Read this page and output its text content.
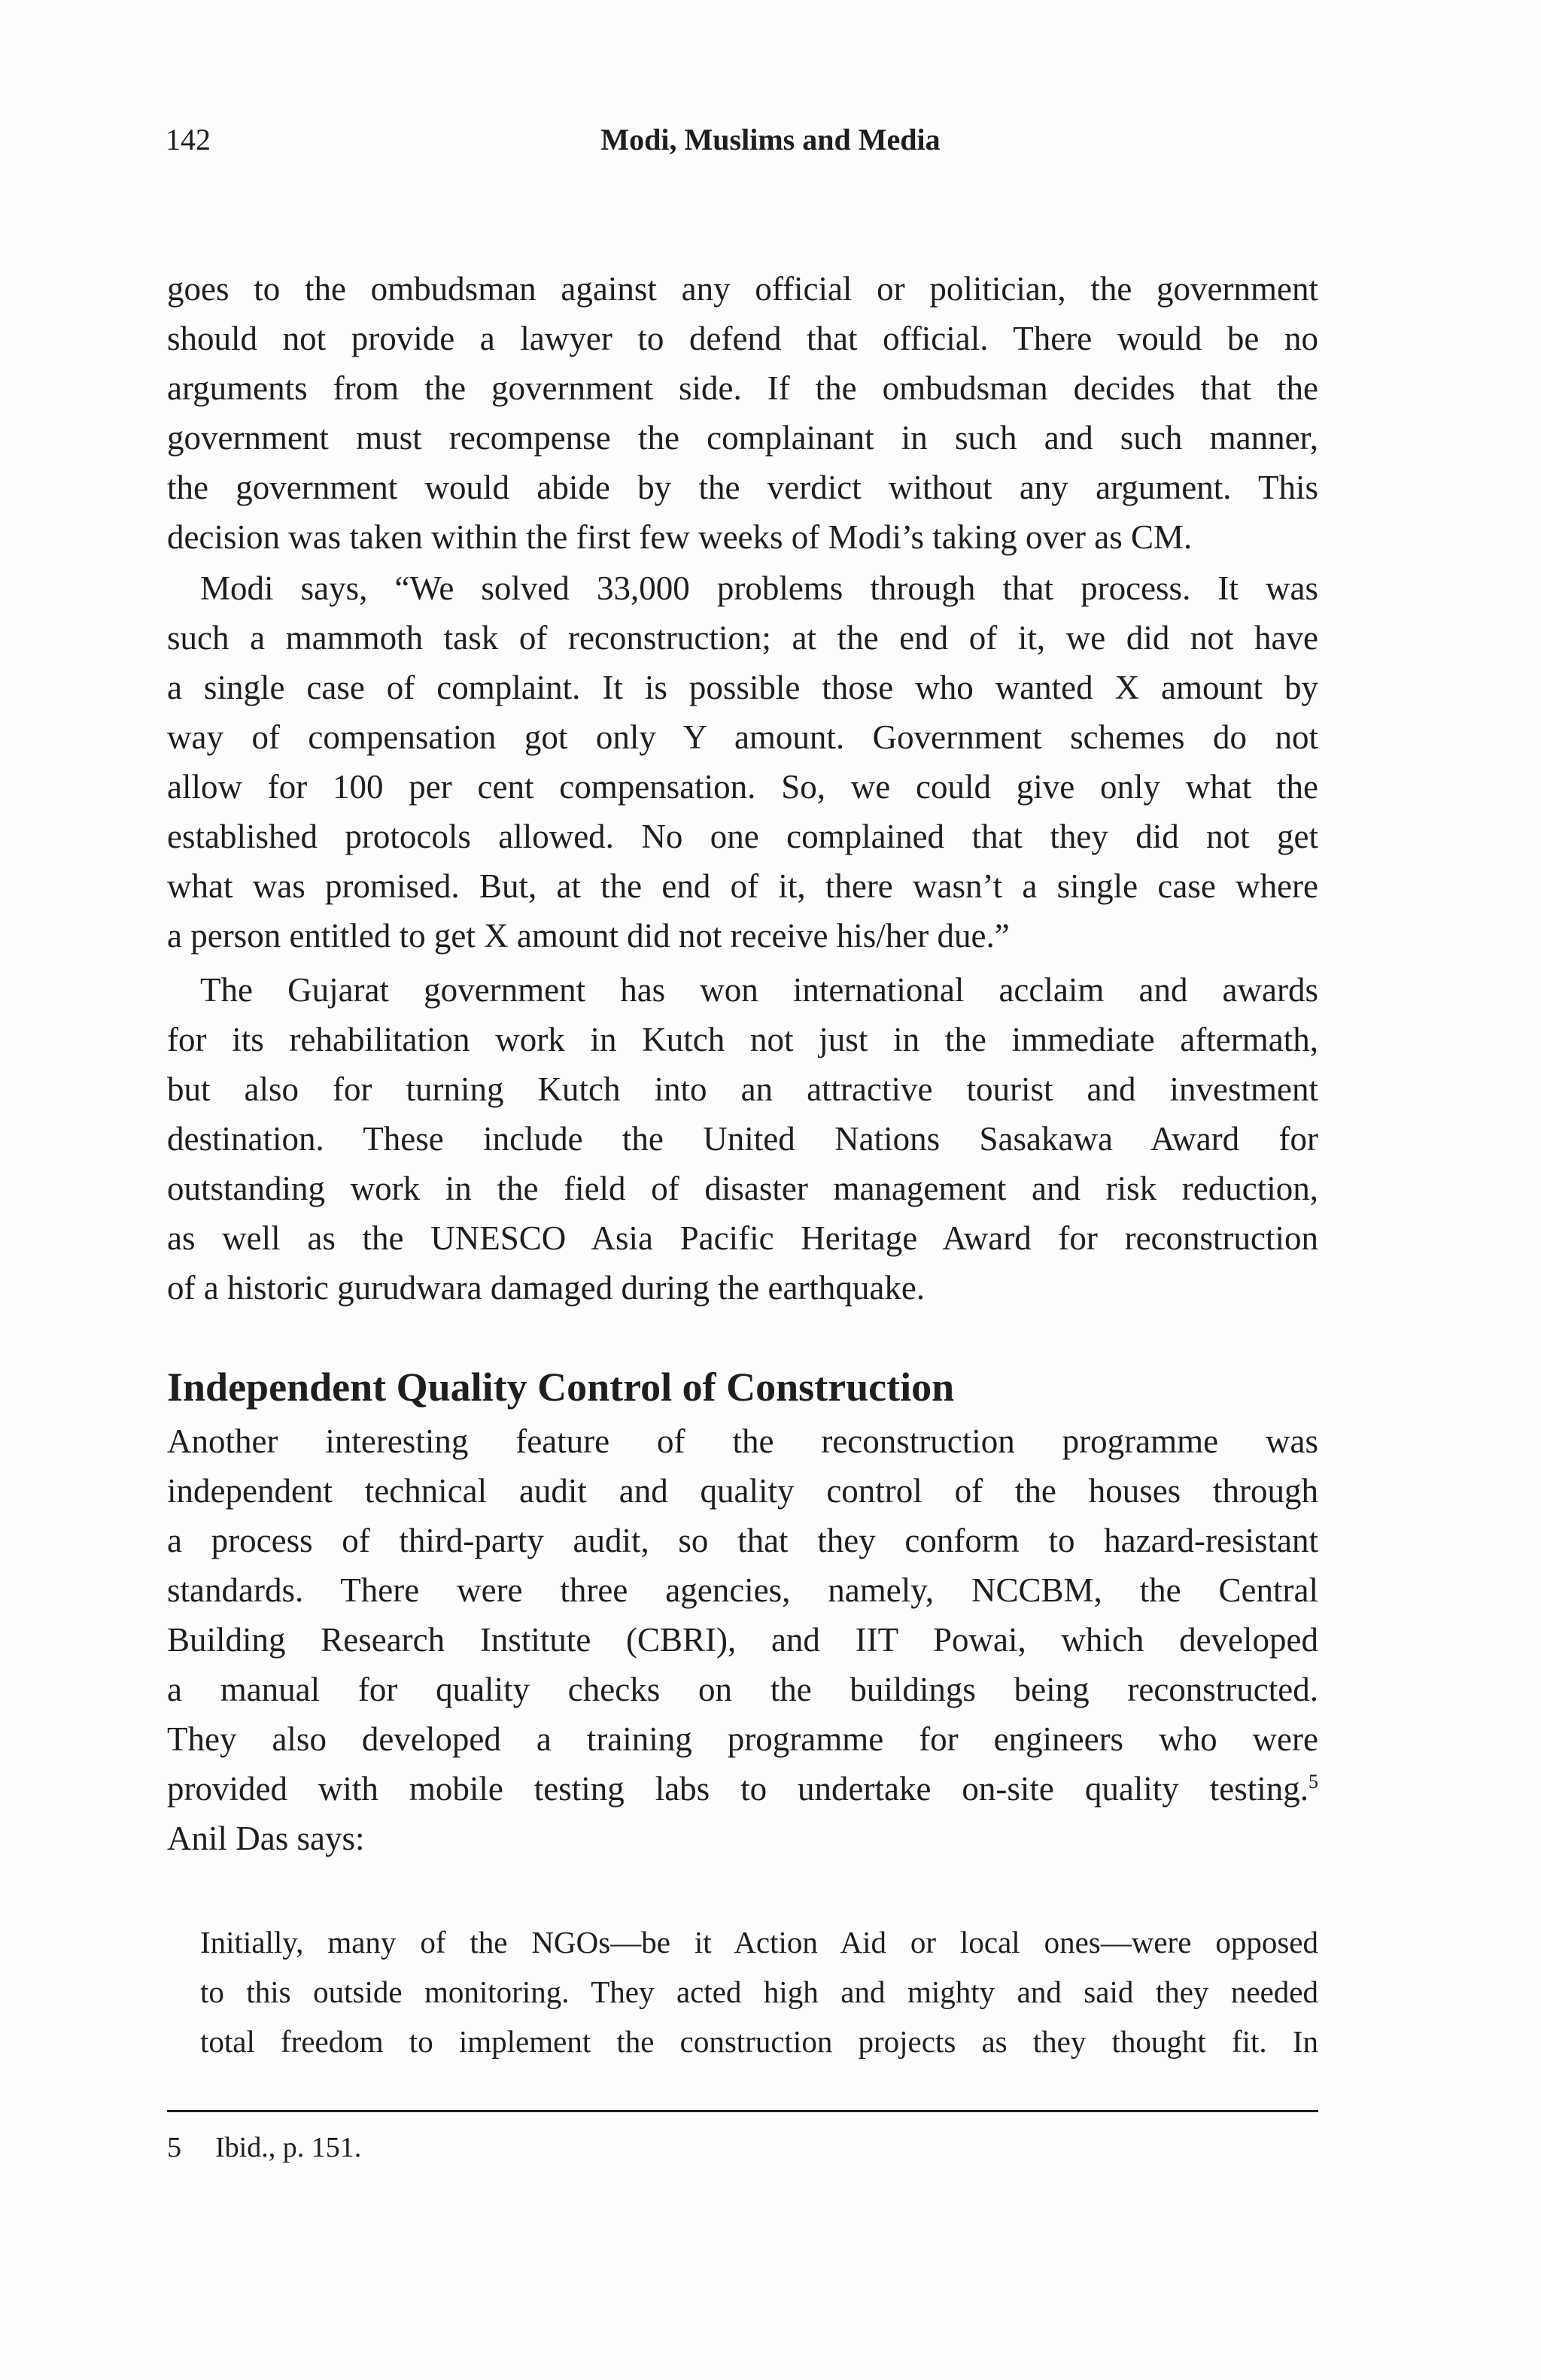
142	Modi, Muslims and Media
goes to the ombudsman against any official or politician, the government
should not provide a lawyer to defend that official. There would be no
arguments from the government side. If the ombudsman decides that the
government must recompense the complainant in such and such manner,
the government would abide by the verdict without any argument. This
decision was taken within the first few weeks of Modi’s taking over as CM.
Modi says, “We solved 33,000 problems through that process. It was
such a mammoth task of reconstruction; at the end of it, we did not have
a single case of complaint. It is possible those who wanted X amount by
way of compensation got only Y amount. Government schemes do not
allow for 100 per cent compensation. So, we could give only what the
established protocols allowed. No one complained that they did not get
what was promised. But, at the end of it, there wasn’t a single case where
a person entitled to get X amount did not receive his/her due.”
The Gujarat government has won international acclaim and awards
for its rehabilitation work in Kutch not just in the immediate aftermath,
but also for turning Kutch into an attractive tourist and investment
destination. These include the United Nations Sasakawa Award for
outstanding work in the field of disaster management and risk reduction,
as well as the UNESCO Asia Pacific Heritage Award for reconstruction
of a historic gurudwara damaged during the earthquake.
Independent Quality Control of Construction
Another interesting feature of the reconstruction programme was
independent technical audit and quality control of the houses through
a process of third-party audit, so that they conform to hazard-resistant
standards. There were three agencies, namely, NCCBM, the Central
Building Research Institute (CBRI), and IIT Powai, which developed
a manual for quality checks on the buildings being reconstructed.
They also developed a training programme for engineers who were
provided with mobile testing labs to undertake on-site quality testing.$^5$
Anil Das says:
Initially, many of the NGOs—be it Action Aid or local ones—were opposed
to this outside monitoring. They acted high and mighty and said they needed
total freedom to implement the construction projects as they thought fit. In
5 Ibid., p. 151.
